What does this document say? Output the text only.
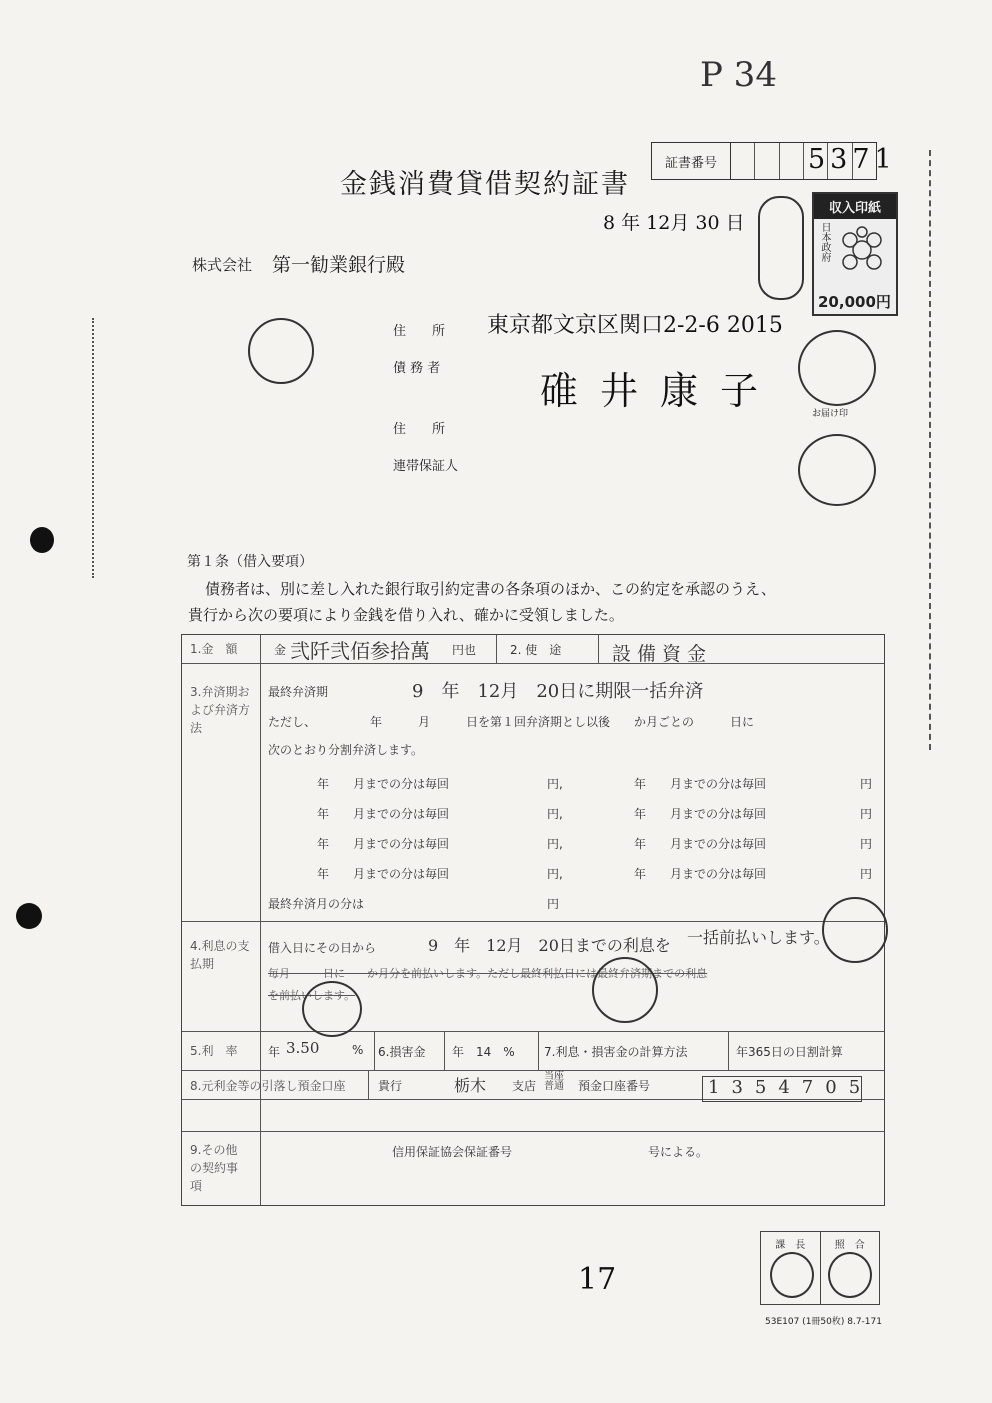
P 34
金銭消費貸借契約証書
証書番号	5371
8 年 12月 30 日
収入印紙
日本政府
20,000円
株式会社 第一勧業銀行殿
お届け印
住　　所 東京都文京区関口2-2-6 2015
債 務 者
碓井康子
住　　所
連帯保証人
第１条（借入要項）
債務者は、別に差し入れた銀行取引約定書の各条項のほか、この約定を承認のうえ、
貴行から次の要項により金銭を借り入れ、確かに受領しました。
1.金　額	金 弐阡弐佰参拾萬 円也	2. 使　途	設備資金
3.弁済期および弁済方法
最終弁済期	9　年　12月　20日に期限一括弁済
ただし、　　　　　年　　　月　　　日を第１回弁済期とし以後　　か月ごとの　　　日に
次のとおり分割弁済します。
年　　月までの分は毎回	円,	年　　月までの分は毎回	円
年　　月までの分は毎回	円,	年　　月までの分は毎回	円
年　　月までの分は毎回	円,	年　　月までの分は毎回	円
年　　月までの分は毎回	円,	年　　月までの分は毎回	円
最終弁済月の分は	円
4.利息の支払期
借入日にその日から	9　年　12月　20日までの利息を 一括前払いします。
毎月　　　日に　　か月分を前払いします。ただし最終利払日には最終弁済期までの利息
を前払いします。
5.利　率	年 3.50	% 6.損害金 年　14　% 7.利息・損害金の計算方法	年365日の日割計算
8.元利金等の引落し預金口座	貴行	栃木 支店
当座 普通	預金口座番号	1354705
9.その他の契約事項
信用保証協会保証番号	号による。
課　長	照　合
17
53E107 (1冊50枚) 8.7-171
